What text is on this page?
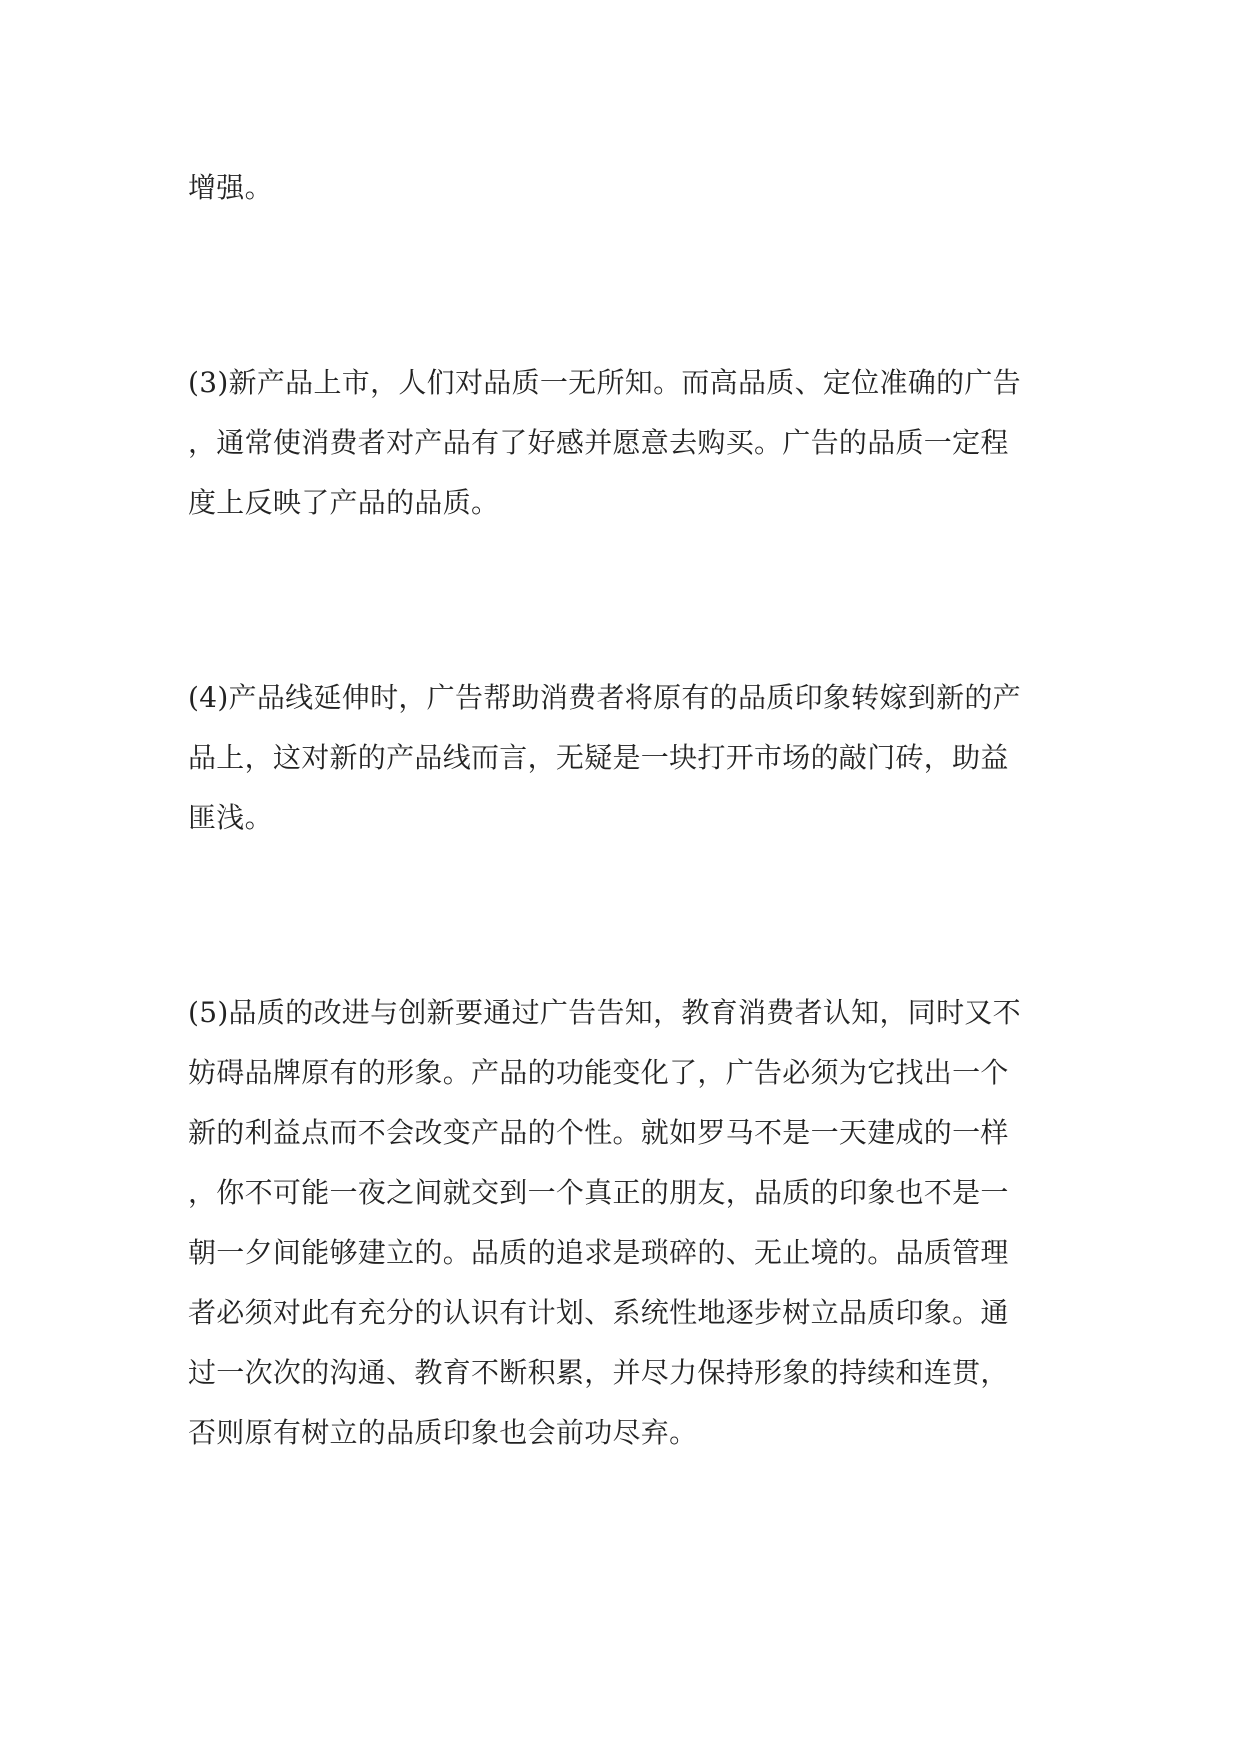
增强。

(3)新产品上市，人们对品质一无所知。而高品质、定位准确的广告
，通常使消费者对产品有了好感并愿意去购买。广告的品质一定程
度上反映了产品的品质。

(4)产品线延伸时，广告帮助消费者将原有的品质印象转嫁到新的产
品上，这对新的产品线而言，无疑是一块打开市场的敲门砖，助益
匪浅。

(5)品质的改进与创新要通过广告告知，教育消费者认知，同时又不
妨碍品牌原有的形象。产品的功能变化了，广告必须为它找出一个
新的利益点而不会改变产品的个性。就如罗马不是一天建成的一样
，你不可能一夜之间就交到一个真正的朋友，品质的印象也不是一
朝一夕间能够建立的。品质的追求是琐碎的、无止境的。品质管理
者必须对此有充分的认识有计划、系统性地逐步树立品质印象。通
过一次次的沟通、教育不断积累，并尽力保持形象的持续和连贯，
否则原有树立的品质印象也会前功尽弃。
